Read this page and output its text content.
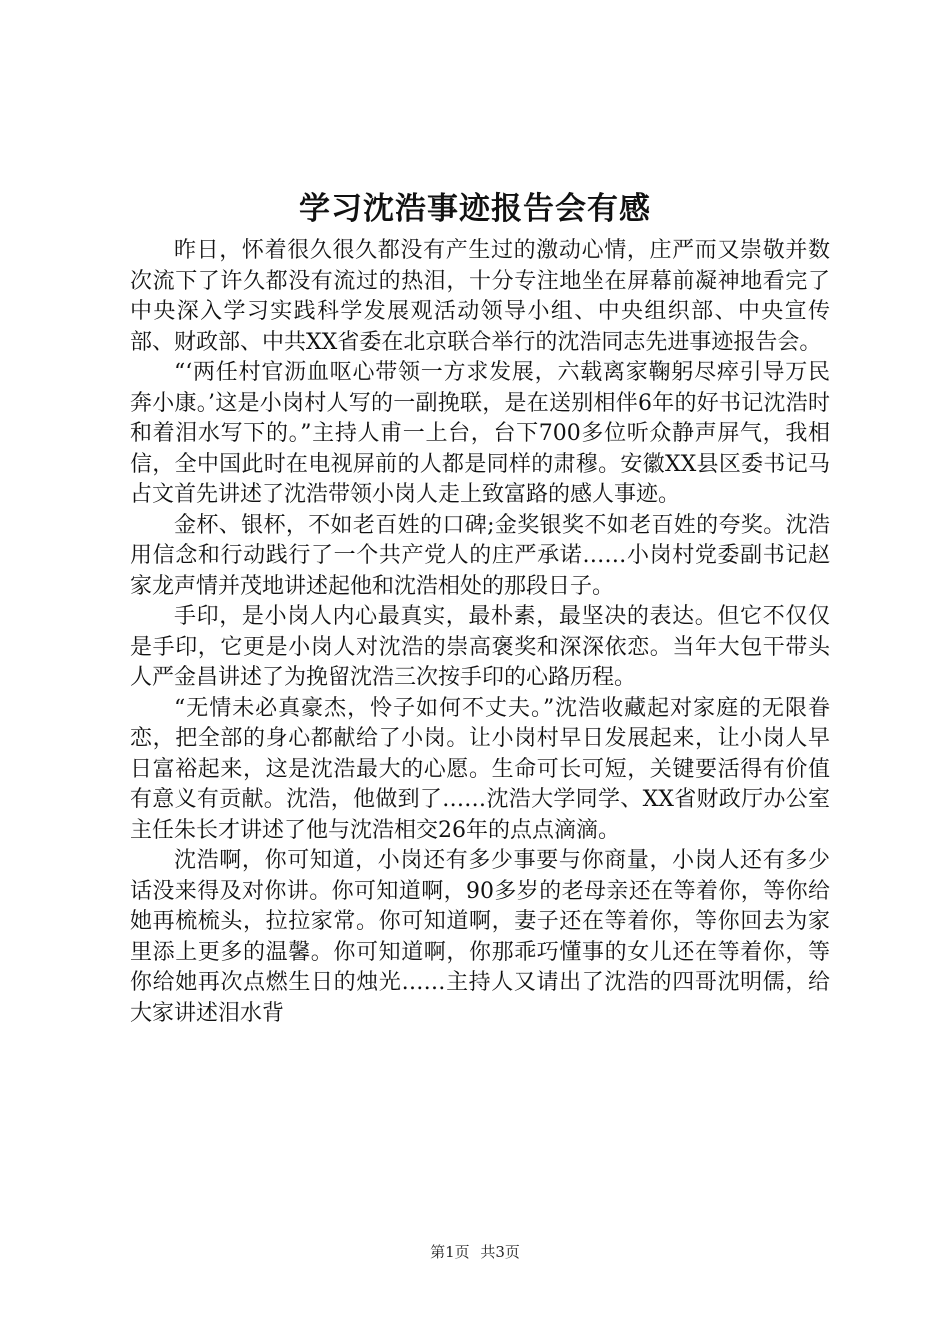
学习沈浩事迹报告会有感

昨日，怀着很久很久都没有产生过的激动心情，庄严而又崇敬并数次流下了许久都没有流过的热泪，十分专注地坐在屏幕前凝神地看完了中央深入学习实践科学发展观活动领导小组、中央组织部、中央宣传部、财政部、中共XX省委在北京联合举行的沈浩同志先进事迹报告会。

“‘两任村官沥血呕心带领一方求发展，六载离家鞠躬尽瘁引导万民奔小康。’这是小岗村人写的一副挽联，是在送别相伴6年的好书记沈浩时和着泪水写下的。”主持人甫一上台，台下700多位听众静声屏气，我相信，全中国此时在电视屏前的人都是同样的肃穆。安徽XX县区委书记马占文首先讲述了沈浩带领小岗人走上致富路的感人事迹。

金杯、银杯，不如老百姓的口碑;金奖银奖不如老百姓的夸奖。沈浩用信念和行动践行了一个共产党人的庄严承诺……小岗村党委副书记赵家龙声情并茂地讲述起他和沈浩相处的那段日子。

手印，是小岗人内心最真实，最朴素，最坚决的表达。但它不仅仅是手印，它更是小岗人对沈浩的崇高褒奖和深深依恋。当年大包干带头人严金昌讲述了为挽留沈浩三次按手印的心路历程。

“无情未必真豪杰，怜子如何不丈夫。”沈浩收藏起对家庭的无限眷恋，把全部的身心都献给了小岗。让小岗村早日发展起来，让小岗人早日富裕起来，这是沈浩最大的心愿。生命可长可短，关键要活得有价值有意义有贡献。沈浩，他做到了……沈浩大学同学、XX省财政厅办公室主任朱长才讲述了他与沈浩相交26年的点点滴滴。

沈浩啊，你可知道，小岗还有多少事要与你商量，小岗人还有多少话没来得及对你讲。你可知道啊，90多岁的老母亲还在等着你，等你给她再梳梳头，拉拉家常。你可知道啊，妻子还在等着你，等你回去为家里添上更多的温馨。你可知道啊，你那乖巧懂事的女儿还在等着你，等你给她再次点燃生日的烛光……主持人又请出了沈浩的四哥沈明儒，给大家讲述泪水背

第1页 共3页
